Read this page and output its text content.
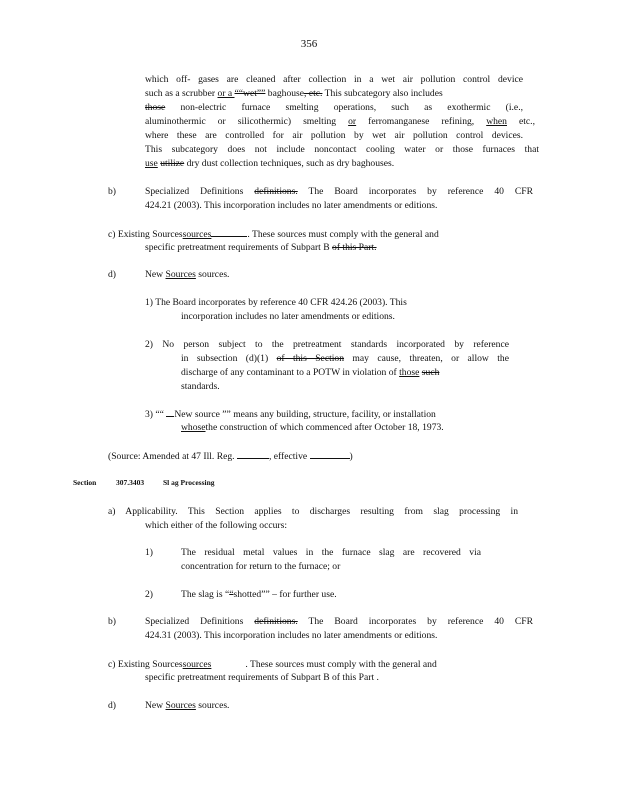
356
which off- gases are cleaned after collection in a wet air pollution control device
such as a scrubber or a ““wet”” baghouse, etc. This subcategory also includes
those non-electric furnace smelting operations, such as exothermic (i.e.,
aluminothermic or silicothermic) smelting or ferromanganese refining, when etc.,
where these are controlled for air pollution by wet air pollution control devices.
This subcategory does not include noncontact cooling water or those furnaces that
use utilize dry dust collection techniques, such as dry baghouses.
b)	Specialized Definitions definitions. The Board incorporates by reference 40 CFR
424.21 (2003). This incorporation includes no later amendments or editions.
c) Existing Sourcessources	. These sources must comply with the general and
specific pretreatment requirements of Subpart B of this Part.
d)	New Sources sources.
1) The Board incorporates by reference 40 CFR 424.26 (2003). This
incorporation includes no later amendments or editions.
2) No person subject to the pretreatment standards incorporated by reference
in subsection (d)(1) of this Section may cause, threaten, or allow the
discharge of any contaminant to a POTW in violation of those such
standards.
3) ““ New source ”” means any building, structure, facility, or installation
whosethe construction of which commenced after October 18, 1973.
(Source: Amended at 47 Ill. Reg.	, effective	)
Section	307.3403	Sl ag Processing
a) Applicability. This Section applies to discharges resulting from slag processing in
which either of the following occurs:
1)	The residual metal values in the furnace slag are recovered via
concentration for return to the furnace; or
2)	The slag is ““shotted”” – for further use.
b)	Specialized Definitions definitions. The Board incorporates by reference 40 CFR
424.31 (2003). This incorporation includes no later amendments or editions.
c) Existing Sourcessources	. These sources must comply with the general and
specific pretreatment requirements of Subpart B of this Part .
d)	New Sources sources.
